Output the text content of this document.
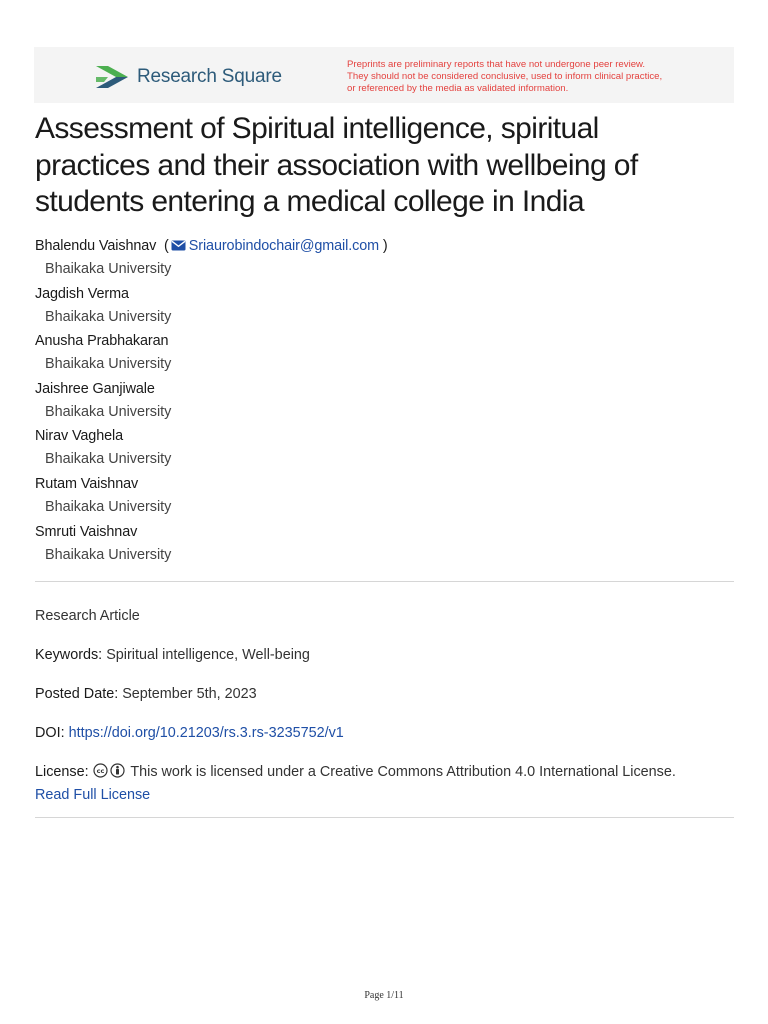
Research Square
Preprints are preliminary reports that have not undergone peer review.
They should not be considered conclusive, used to inform clinical practice,
or referenced by the media as validated information.
Assessment of Spiritual intelligence, spiritual
practices and their association with wellbeing of
students entering a medical college in India
Bhalendu Vaishnav  ( Sriaurobindochair@gmail.com )
Bhaikaka University
Jagdish Verma
Bhaikaka University
Anusha Prabhakaran
Bhaikaka University
Jaishree Ganjiwale
Bhaikaka University
Nirav Vaghela
Bhaikaka University
Rutam Vaishnav
Bhaikaka University
Smruti Vaishnav
Bhaikaka University
Research Article
Keywords: Spiritual intelligence, Well-being
Posted Date: September 5th, 2023
DOI: https://doi.org/10.21203/rs.3.rs-3235752/v1
License: cc This work is licensed under a Creative Commons Attribution 4.0 International License.
Read Full License
Page 1/11
